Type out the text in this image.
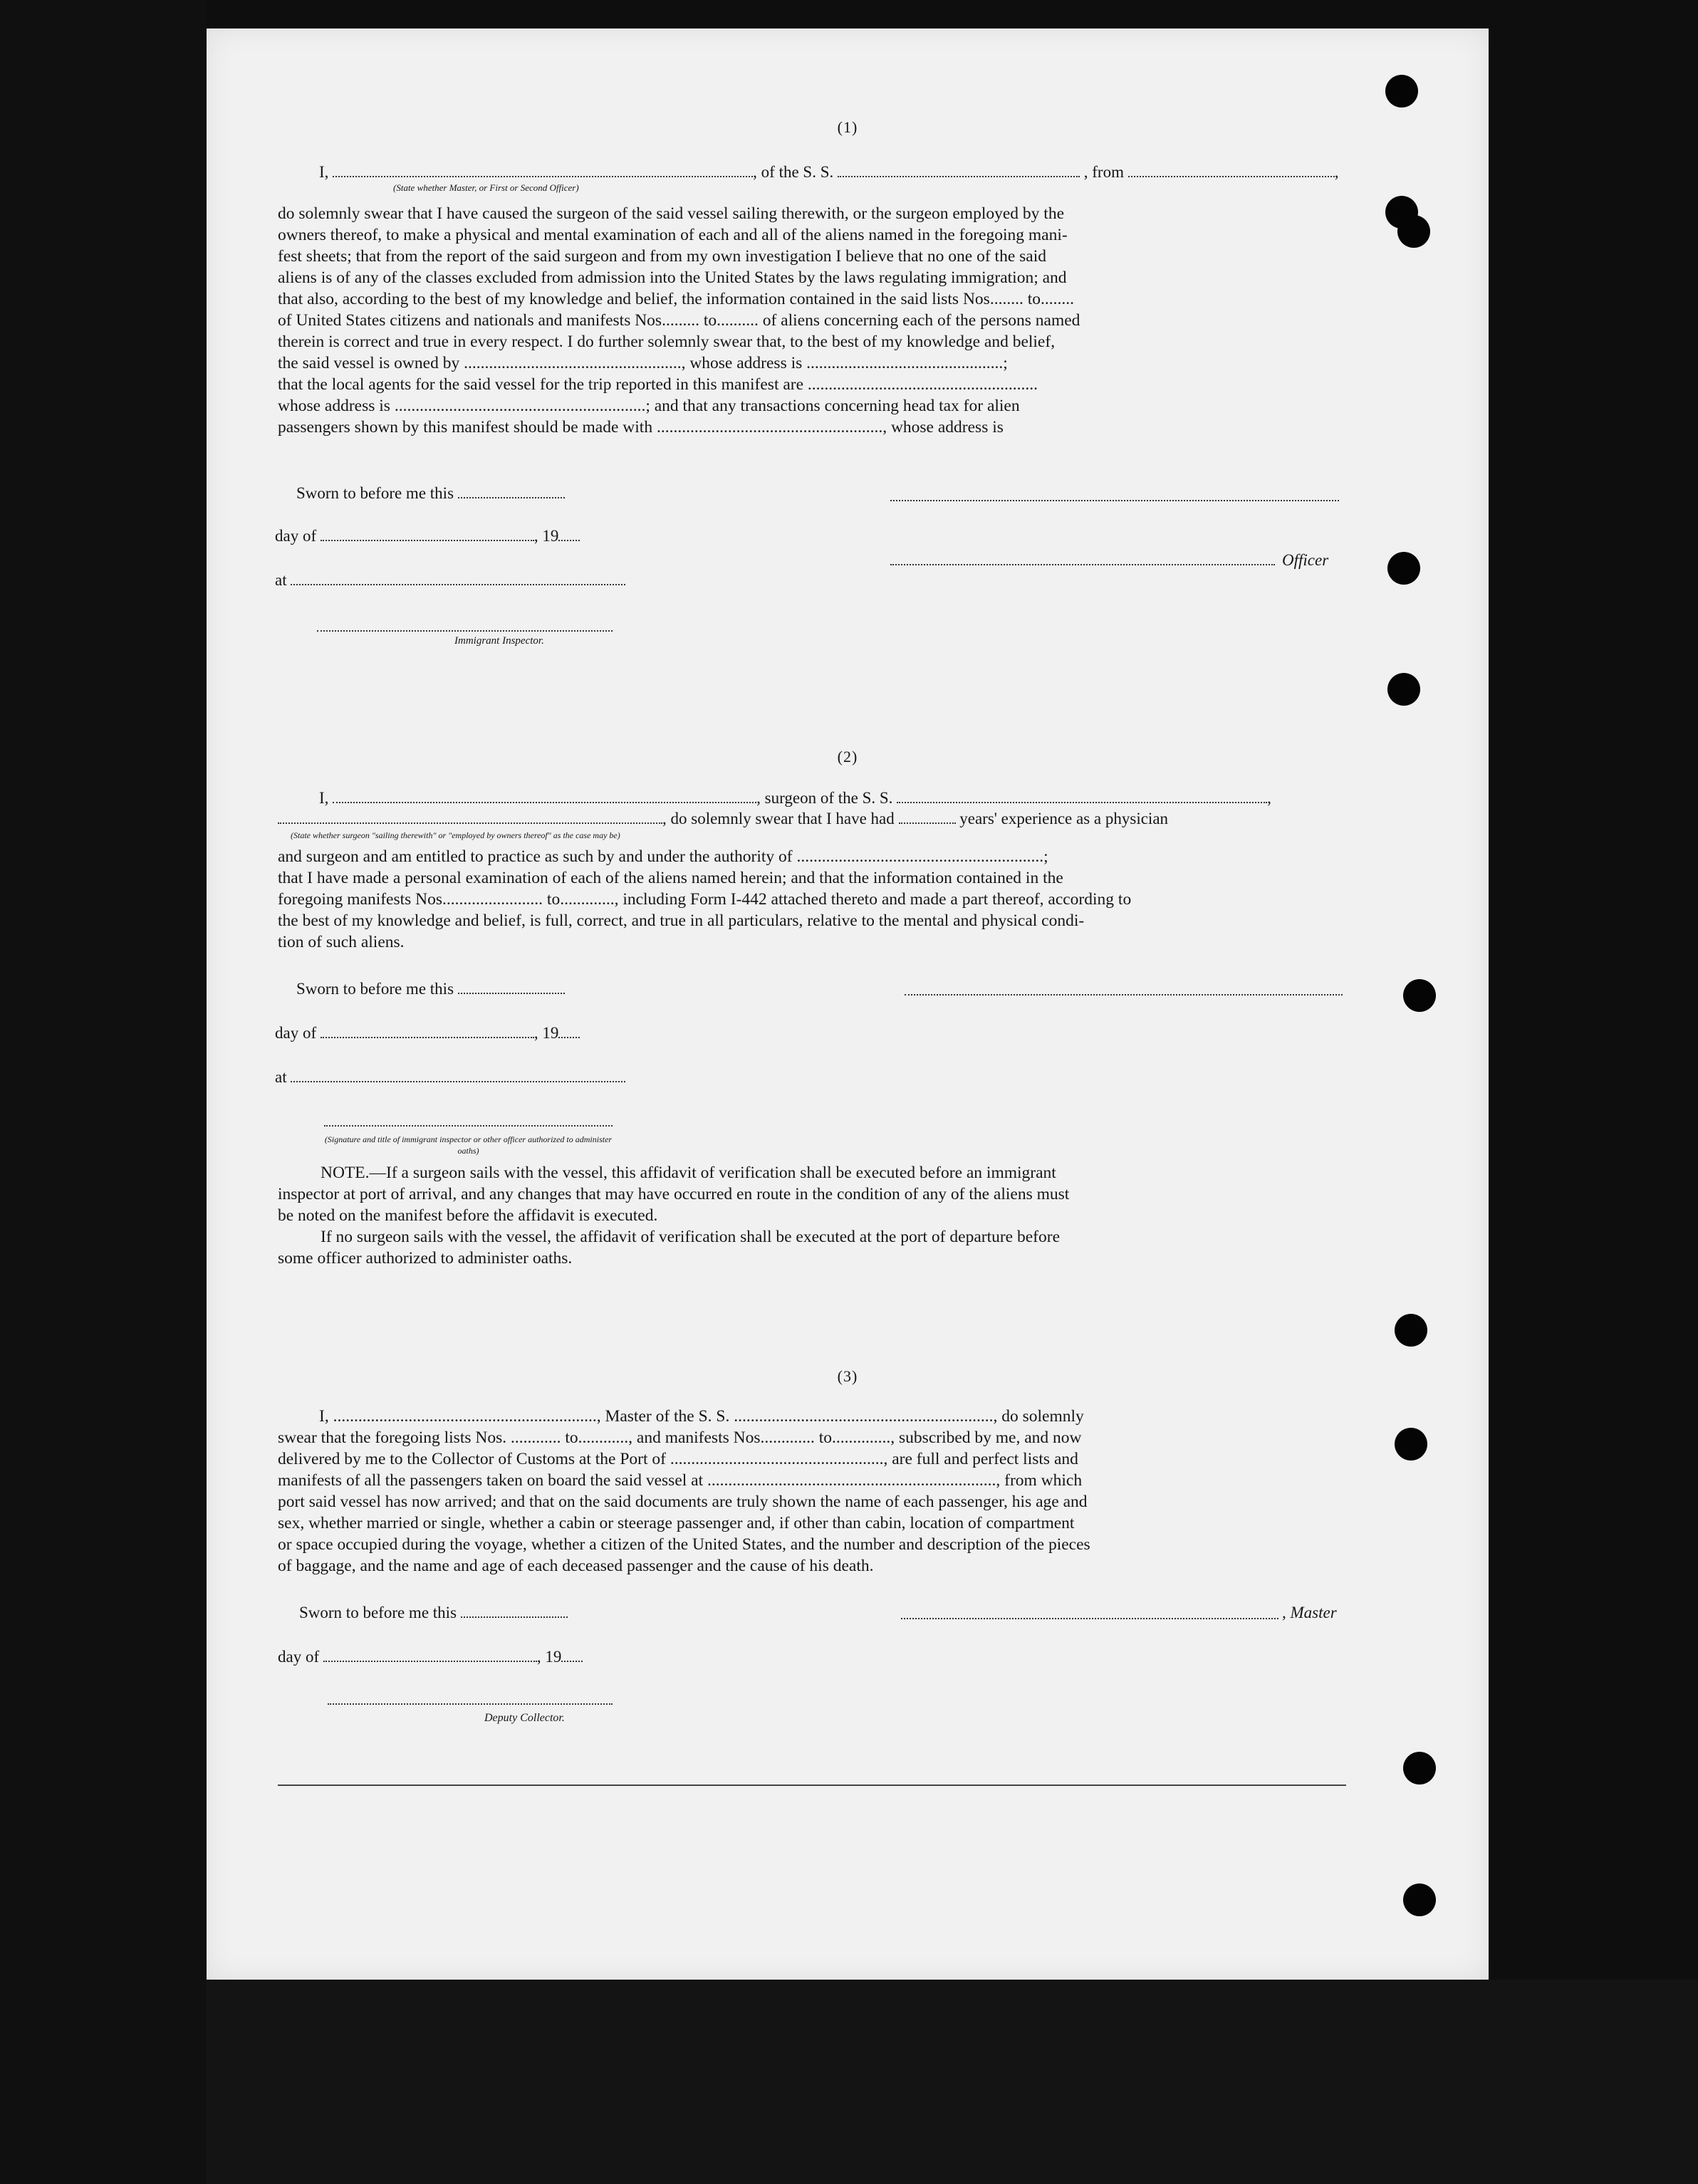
(1)
I,	, of the S. S.	, from	,
(State whether Master, or First or Second Officer)
do solemnly swear that I have caused the surgeon of the said vessel sailing therewith, or the surgeon employed by the
owners thereof, to make a physical and mental examination of each and all of the aliens named in the foregoing mani-
fest sheets; that from the report of the said surgeon and from my own investigation I believe that no one of the said
aliens is of any of the classes excluded from admission into the United States by the laws regulating immigration; and
that also, according to the best of my knowledge and belief, the information contained in the said lists Nos........ to........
of United States citizens and nationals and manifests Nos......... to.......... of aliens concerning each of the persons named
therein is correct and true in every respect. I do further solemnly swear that, to the best of my knowledge and belief,
the said vessel is owned by ...................................................., whose address is ...............................................;
that the local agents for the said vessel for the trip reported in this manifest are .......................................................
whose address is ............................................................; and that any transactions concerning head tax for alien
passengers shown by this manifest should be made with ......................................................, whose address is
Sworn to before me this
day of	, 19
at
Officer
Immigrant Inspector.
(2)
I,	, surgeon of the S. S.	,
, do solemnly swear that I have had	years' experience as a physician
(State whether surgeon "sailing therewith" or "employed by owners thereof" as the case may be)
and surgeon and am entitled to practice as such by and under the authority of ...........................................................;
that I have made a personal examination of each of the aliens named herein; and that the information contained in the
foregoing manifests Nos........................ to............., including Form I-442 attached thereto and made a part thereof, according to
the best of my knowledge and belief, is full, correct, and true in all particulars, relative to the mental and physical condi-
tion of such aliens.
Sworn to before me this
day of	, 19
at
(Signature and title of immigrant inspector or other officer authorized to administer oaths)
NOTE.—If a surgeon sails with the vessel, this affidavit of verification shall be executed before an immigrant
inspector at port of arrival, and any changes that may have occurred en route in the condition of any of the aliens must
be noted on the manifest before the affidavit is executed.
If no surgeon sails with the vessel, the affidavit of verification shall be executed at the port of departure before
some officer authorized to administer oaths.
(3)
I, ..............................................................., Master of the S. S. .............................................................., do solemnly
swear that the foregoing lists Nos. ............ to............, and manifests Nos............. to.............., subscribed by me, and now
delivered by me to the Collector of Customs at the Port of ..................................................., are full and perfect lists and
manifests of all the passengers taken on board the said vessel at ....................................................................., from which
port said vessel has now arrived; and that on the said documents are truly shown the name of each passenger, his age and
sex, whether married or single, whether a cabin or steerage passenger and, if other than cabin, location of compartment
or space occupied during the voyage, whether a citizen of the United States, and the number and description of the pieces
of baggage, and the name and age of each deceased passenger and the cause of his death.
Sworn to before me this	, Master
day of	, 19
Deputy Collector.
